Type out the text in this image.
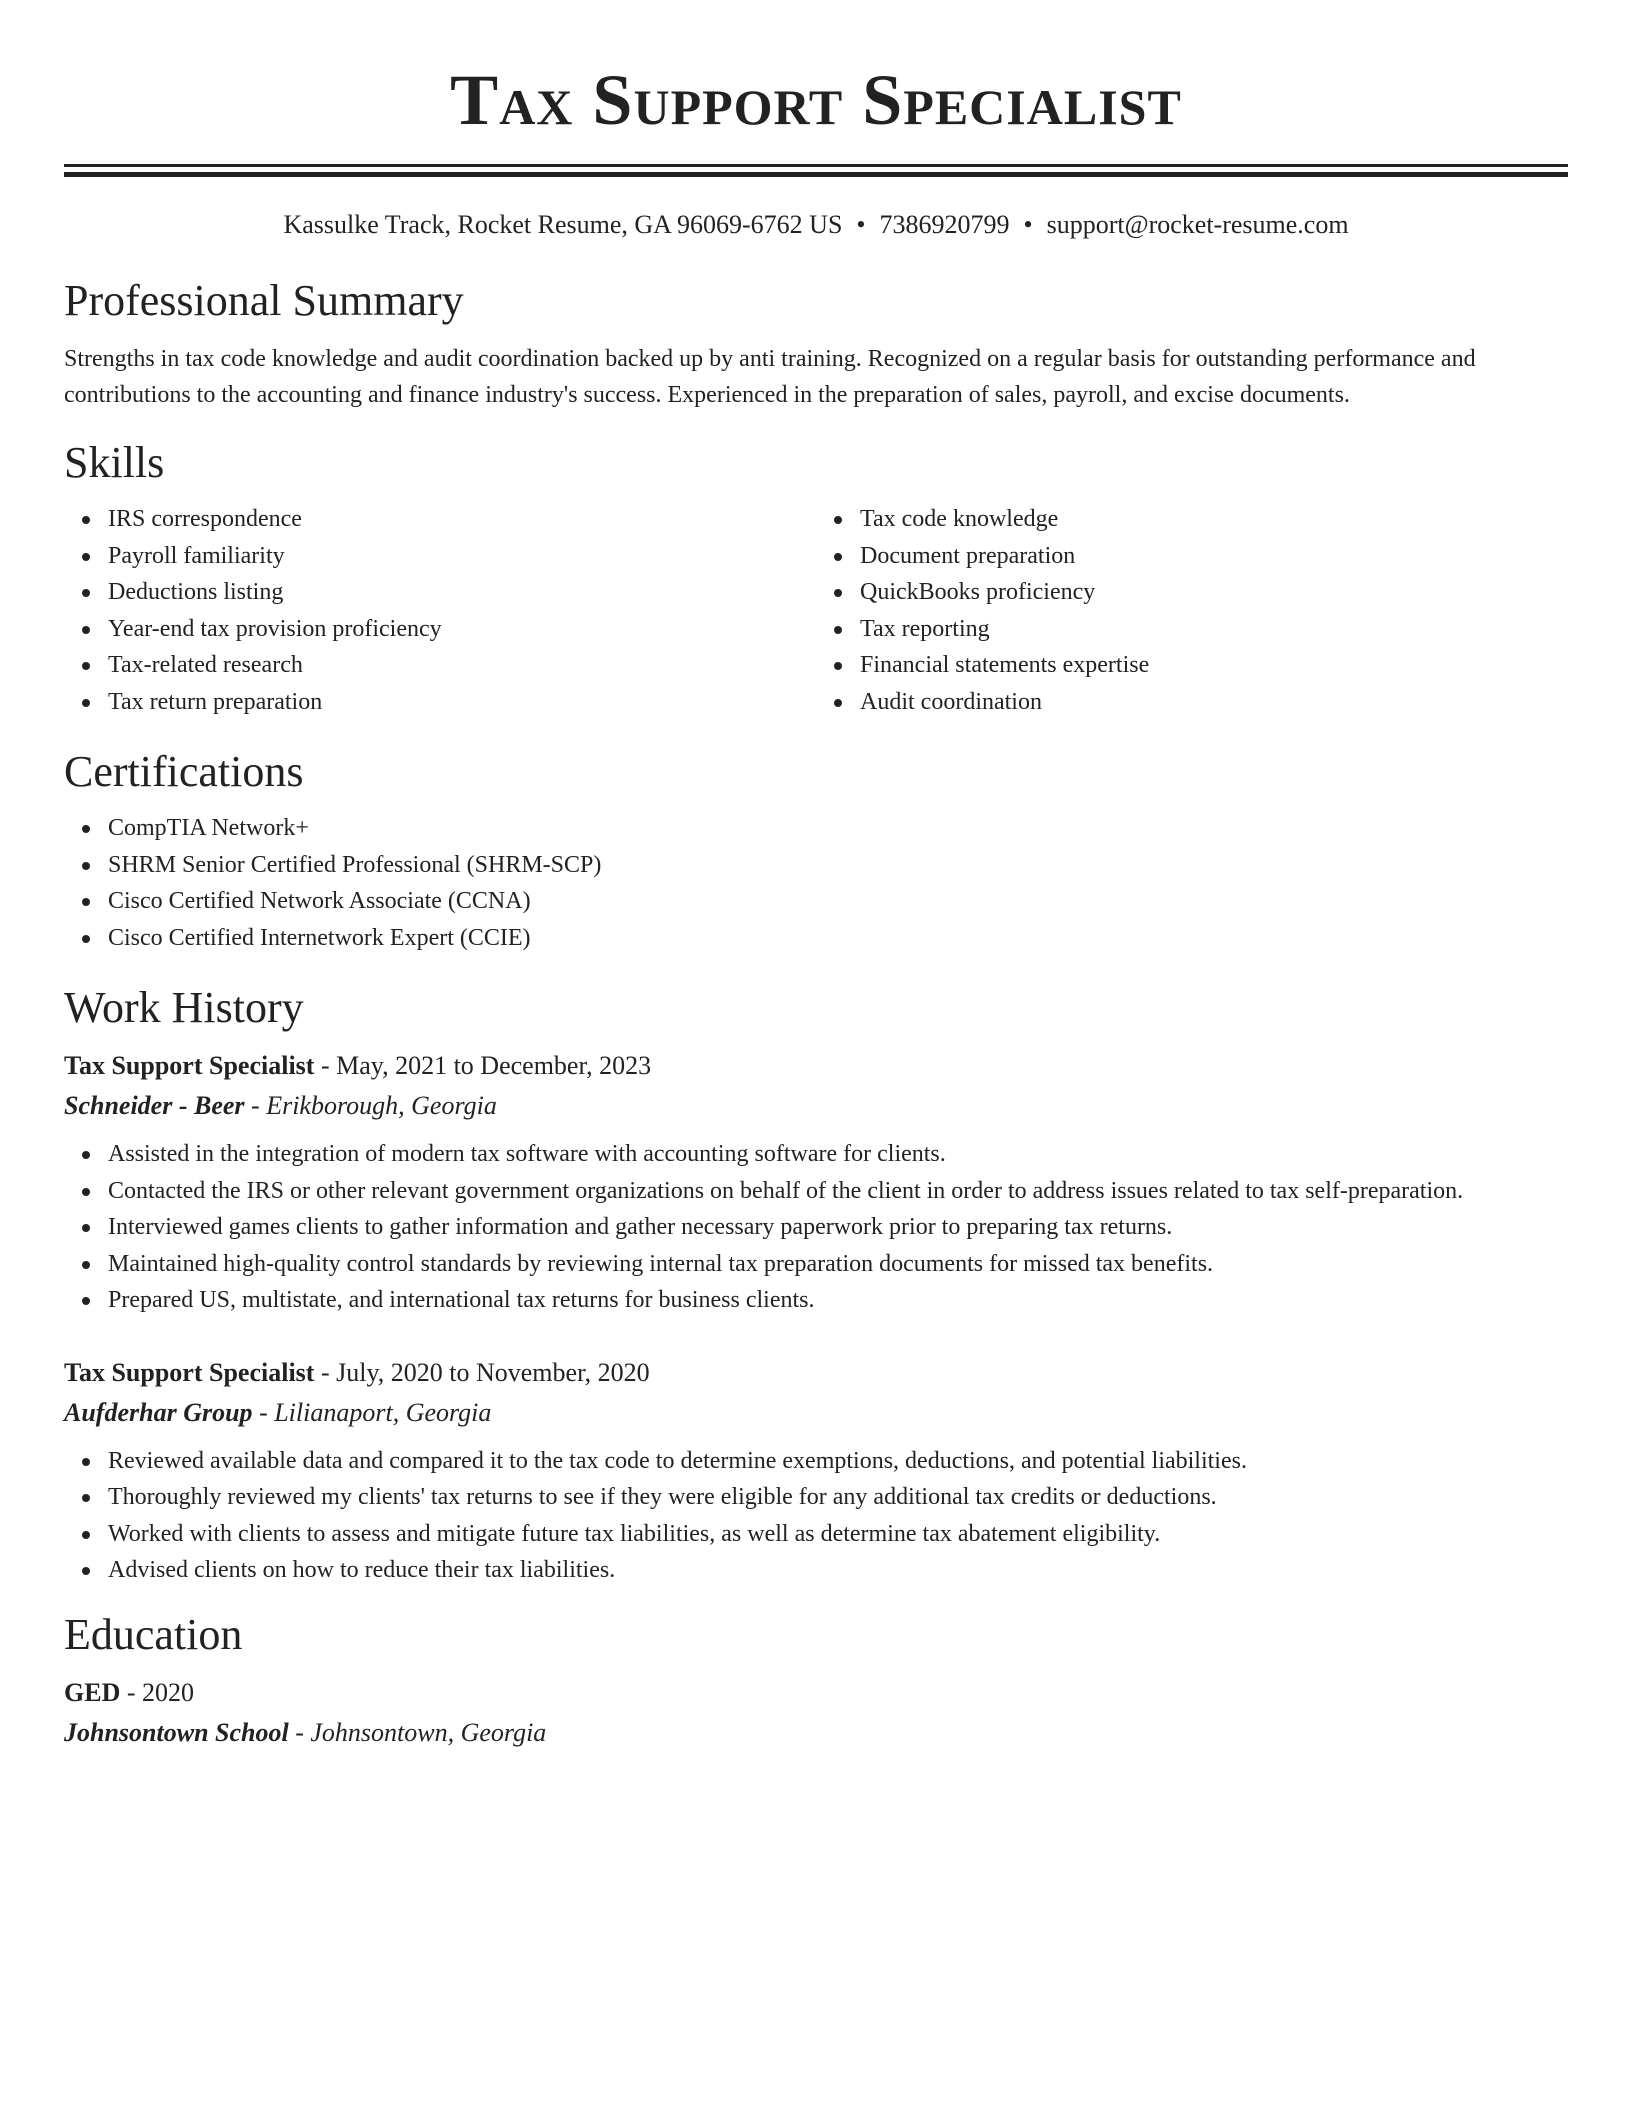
Tax Support Specialist
Kassulke Track, Rocket Resume, GA 96069-6762 US • 7386920799 • support@rocket-resume.com
Professional Summary
Strengths in tax code knowledge and audit coordination backed up by anti training. Recognized on a regular basis for outstanding performance and contributions to the accounting and finance industry's success. Experienced in the preparation of sales, payroll, and excise documents.
Skills
IRS correspondence
Payroll familiarity
Deductions listing
Year-end tax provision proficiency
Tax-related research
Tax return preparation
Tax code knowledge
Document preparation
QuickBooks proficiency
Tax reporting
Financial statements expertise
Audit coordination
Certifications
CompTIA Network+
SHRM Senior Certified Professional (SHRM-SCP)
Cisco Certified Network Associate (CCNA)
Cisco Certified Internetwork Expert (CCIE)
Work History
Tax Support Specialist - May, 2021 to December, 2023
Schneider - Beer - Erikborough, Georgia
Assisted in the integration of modern tax software with accounting software for clients.
Contacted the IRS or other relevant government organizations on behalf of the client in order to address issues related to tax self-preparation.
Interviewed games clients to gather information and gather necessary paperwork prior to preparing tax returns.
Maintained high-quality control standards by reviewing internal tax preparation documents for missed tax benefits.
Prepared US, multistate, and international tax returns for business clients.
Tax Support Specialist - July, 2020 to November, 2020
Aufderhar Group - Lilianaport, Georgia
Reviewed available data and compared it to the tax code to determine exemptions, deductions, and potential liabilities.
Thoroughly reviewed my clients' tax returns to see if they were eligible for any additional tax credits or deductions.
Worked with clients to assess and mitigate future tax liabilities, as well as determine tax abatement eligibility.
Advised clients on how to reduce their tax liabilities.
Education
GED - 2020
Johnsontown School - Johnsontown, Georgia
